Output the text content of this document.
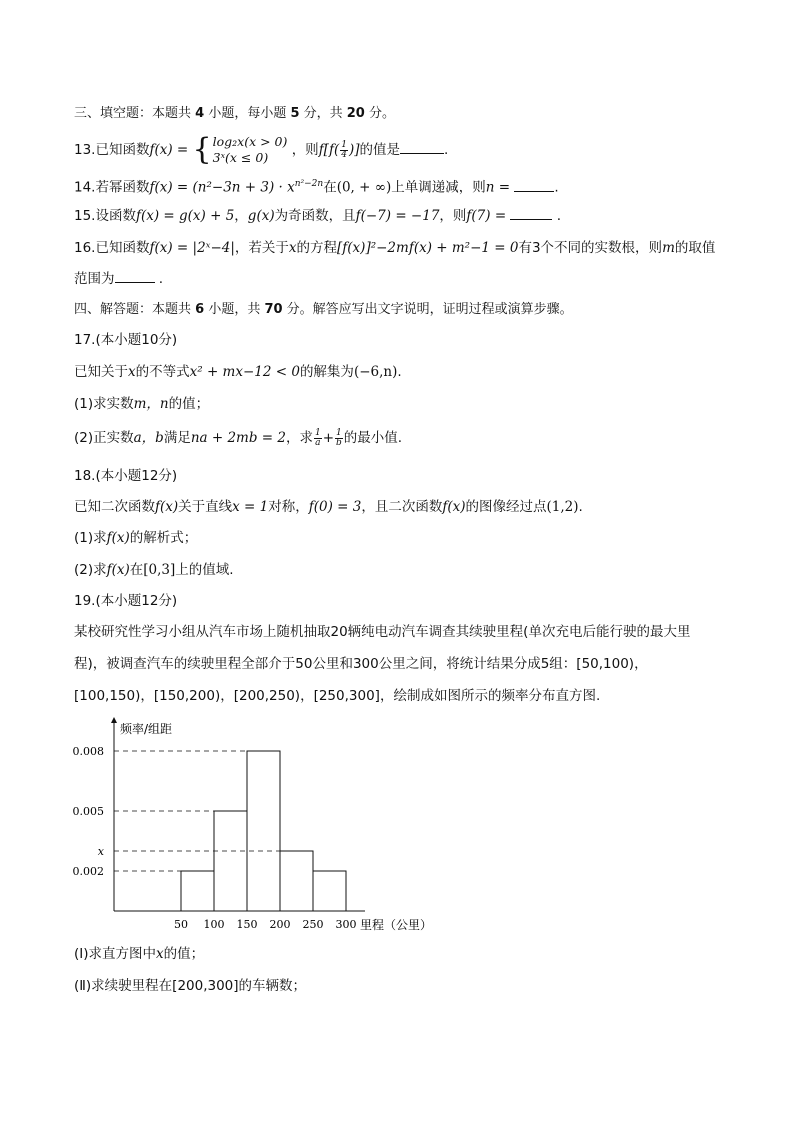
三、填空题：本题共 4 小题，每小题 5 分，共 20 分。
13.已知函数f(x) = { log₂x(x > 0)
3ˣ(x ≤ 0)	，则$f[f( \frac{1}{4}$ )]的值是	.
14.若幂函数$f(x) = (n^2-3n + 3) \cdot x^{n^2-2n}$在(0, + ∞)上单调递减，则n =	.
15.设函数f(x) = g(x) + 5，g(x)为奇函数，且f(−7) = −17，则f(7) =	.
16.已知函数f(x) = |2ˣ−4|，若关于x的方程[f(x)]²−2mf(x) + m²−1 = 0有3个不同的实数根，则m的取值
范围为	.
四、解答题：本题共 6 小题，共 70 分。解答应写出文字说明，证明过程或演算步骤。
17.(本小题10分)
已知关于x的不等式x² + mx−12 < 0的解集为(−6,n).
(1)求实数m，n的值；
(2)正实数a，b满足na + 2mb = 2，求 $\frac{1}{a} + \frac{1}{b}$ 的最小值.
18.(本小题12分)
已知二次函数f(x)关于直线x = 1对称，f(0) = 3，且二次函数f(x)的图像经过点(1,2).
(1)求f(x)的解析式；
(2)求f(x)在[0,3]上的值域.
19.(本小题12分)
某校研究性学习小组从汽车市场上随机抽取20辆纯电动汽车调查其续驶里程(单次充电后能行驶的最大里
程)，被调查汽车的续驶里程全部介于50公里和300公里之间，将统计结果分成5组：[50,100)，
[100,150)，[150,200)，[200,250)，[250,300]，绘制成如图所示的频率分布直方图.
频率/组距
里程（公里）
50 100 150 200 250 300
0.008
0.005
x
0.002
(Ⅰ)求直方图中x的值；
(Ⅱ)求续驶里程在[200,300]的车辆数；
